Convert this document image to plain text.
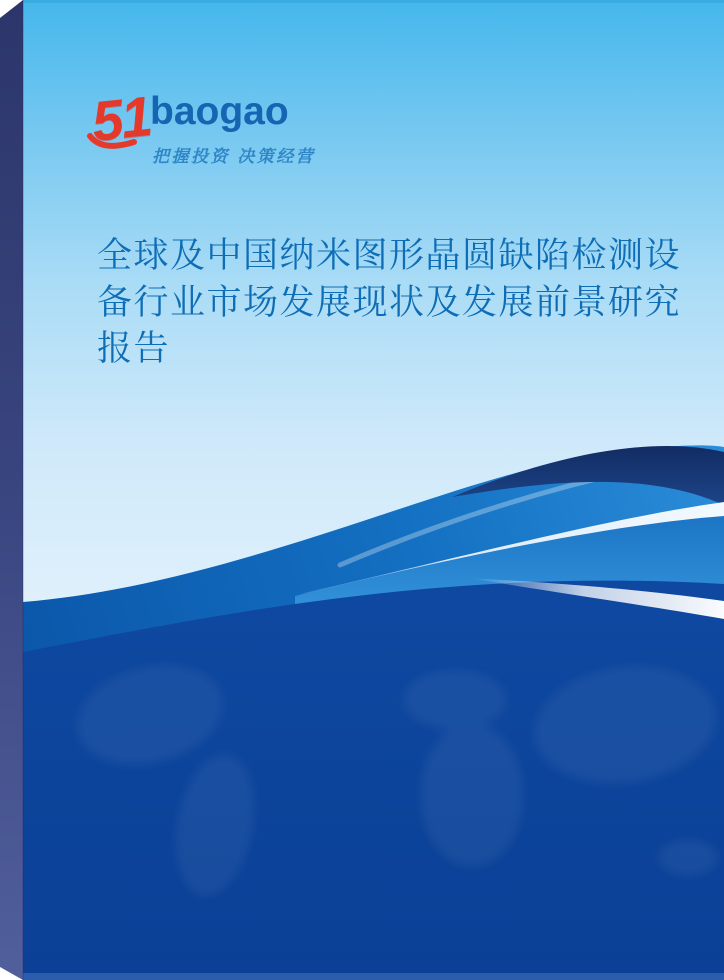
51
baogao
把握投资 决策经营
全球及中国纳米图形晶圆缺陷检测设
备行业市场发展现状及发展前景研究
报告
